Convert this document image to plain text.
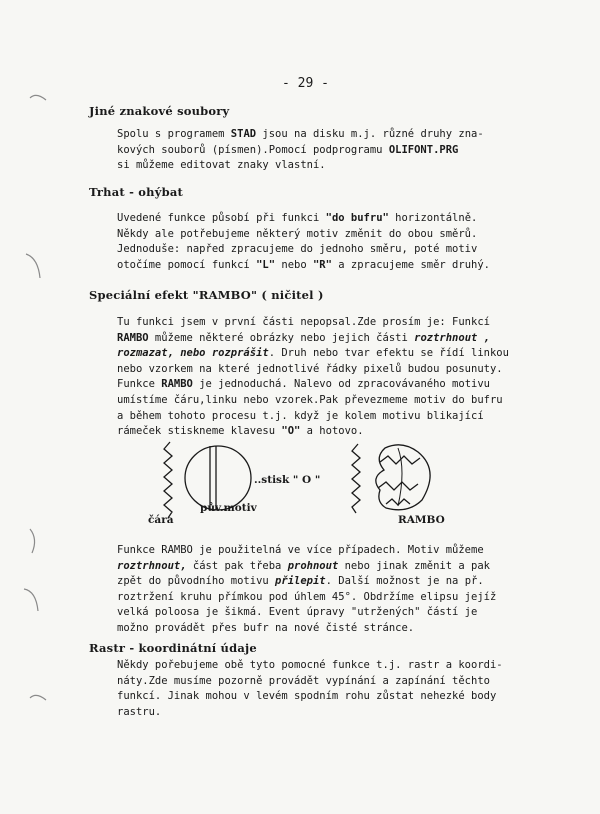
- 29 -
Jiné znakové soubory
Spolu s programem STAD jsou na disku m.j. různé druhy zna-
kových souborů (písmen).Pomocí podprogramu OLIFONT.PRG
si můžeme editovat znaky vlastní.
Trhat - ohýbat
Uvedené funkce působí při funkci "do bufru" horizontálně.
Někdy ale potřebujeme některý motiv změnit do obou směrů.
Jednoduše: napřed zpracujeme do jednoho směru, poté motiv
otočíme pomocí funkcí "L" nebo "R" a zpracujeme směr druhý.
Speciální efekt "RAMBO" ( ničitel )
Tu funkci jsem v první části nepopsal.Zde prosím je: Funkcí
RAMBO můžeme některé obrázky nebo jejich části roztrhnout ,
rozmazat, nebo rozprášit. Druh nebo tvar efektu se řídí linkou
nebo vzorkem na které jednotlivé řádky pixelů budou posunuty.
Funkce RAMBO je jednoduchá. Nalevo od zpracovávaného motivu
umístíme čáru,linku nebo vzorek.Pak převezmeme motiv do bufru
a během tohoto procesu t.j. když je kolem motivu blikající
rámeček stiskneme klavesu "O" a hotovo.
..stisk " O "
pův.motiv
čára	RAMBO
Funkce RAMBO je použitelná ve více případech. Motiv můžeme
roztrhnout, část pak třeba prohnout nebo jinak změnit a pak
zpět do původního motivu přilepit. Další možnost je na př.
roztržení kruhu přímkou pod úhlem 45°. Obdržíme elipsu jejíž
velká poloosa je šikmá. Event úpravy "utržených" částí je
možno provádět přes bufr na nové čisté stránce.
Rastr - koordinátní údaje
Někdy pořebujeme obě tyto pomocné funkce t.j. rastr a koordi-
náty.Zde musíme pozorně provádět vypínání a zapínání těchto
funkcí. Jinak mohou v levém spodním rohu zůstat nehezké body
rastru.
